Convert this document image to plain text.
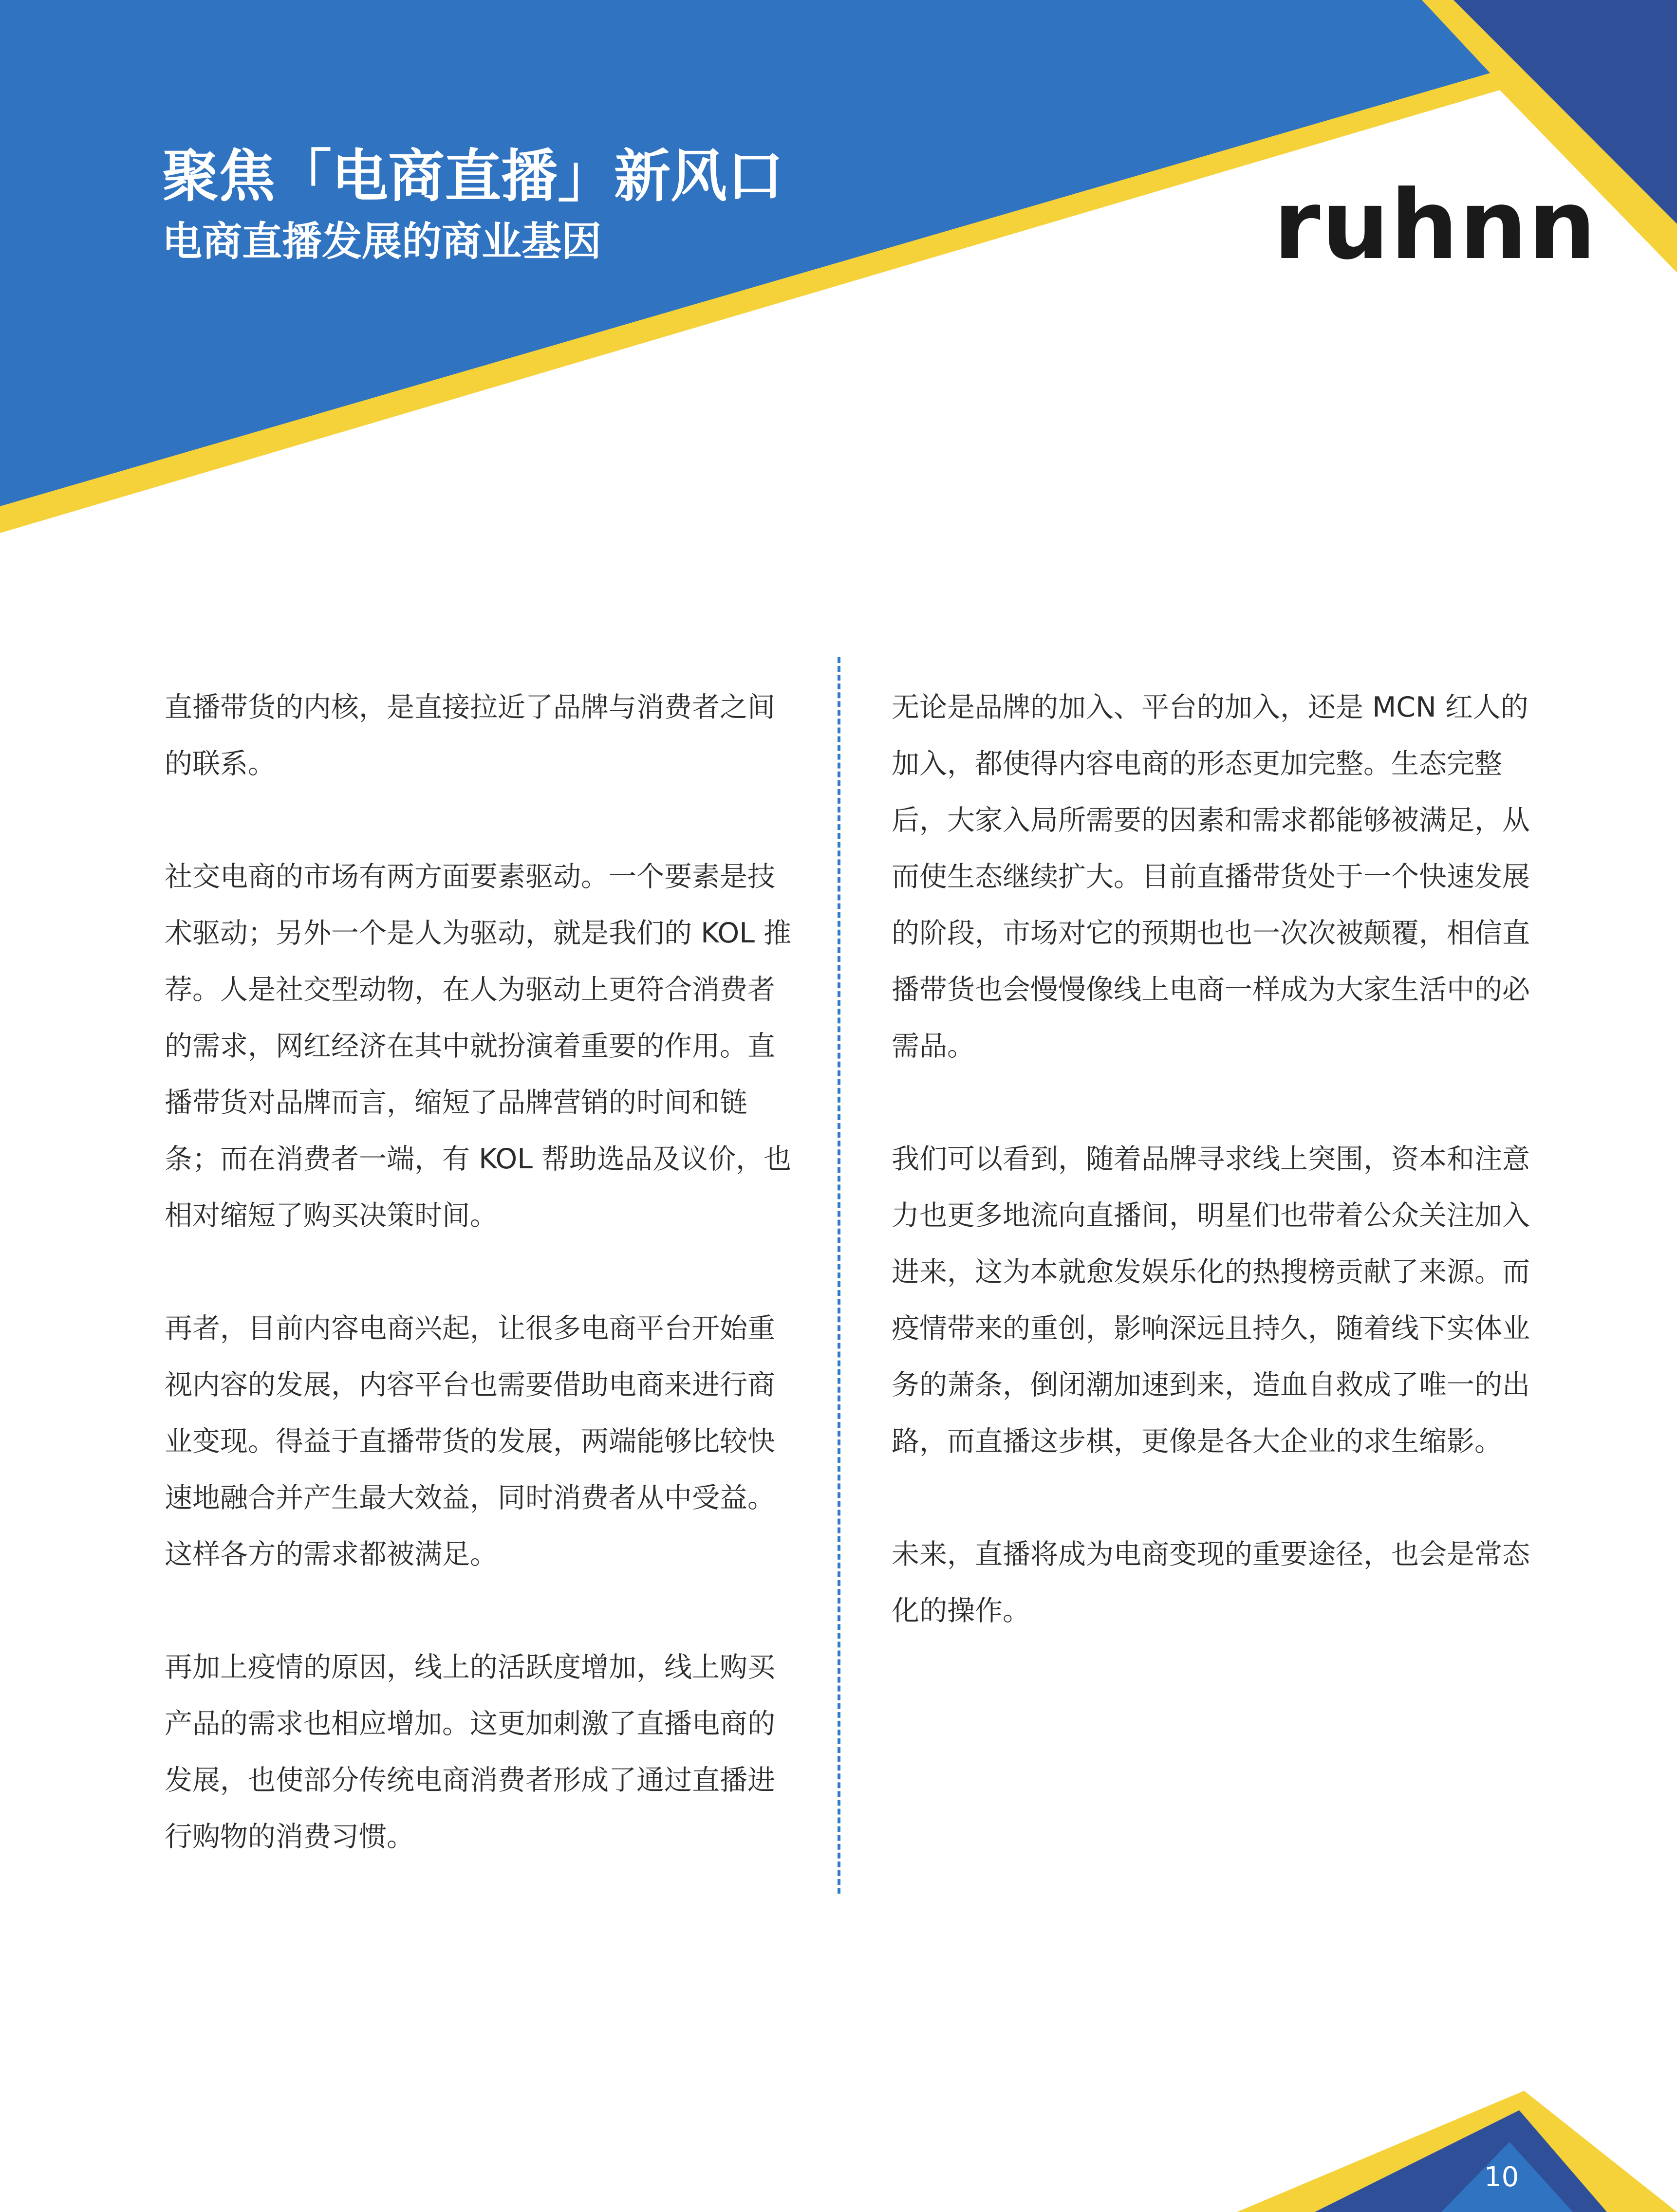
聚焦「电商直播」新风口
电商直播发展的商业基因	ruhnn

直播带货的内核，是直接拉近了品牌与消费者之间的联系。

社交电商的市场有两方面要素驱动。一个要素是技术驱动；另外一个是人为驱动，就是我们的 KOL 推荐。人是社交型动物，在人为驱动上更符合消费者的需求，网红经济在其中就扮演着重要的作用。直播带货对品牌而言，缩短了品牌营销的时间和链条；而在消费者一端，有 KOL 帮助选品及议价，也相对缩短了购买决策时间。

再者，目前内容电商兴起，让很多电商平台开始重视内容的发展，内容平台也需要借助电商来进行商业变现。得益于直播带货的发展，两端能够比较快速地融合并产生最大效益，同时消费者从中受益。这样各方的需求都被满足。

再加上疫情的原因，线上的活跃度增加，线上购买产品的需求也相应增加。这更加刺激了直播电商的发展，也使部分传统电商消费者形成了通过直播进行购物的消费习惯。

无论是品牌的加入、平台的加入，还是 MCN 红人的加入，都使得内容电商的形态更加完整。生态完整后，大家入局所需要的因素和需求都能够被满足，从而使生态继续扩大。目前直播带货处于一个快速发展的阶段，市场对它的预期也也一次次被颠覆，相信直播带货也会慢慢像线上电商一样成为大家生活中的必需品。

我们可以看到，随着品牌寻求线上突围，资本和注意力也更多地流向直播间，明星们也带着公众关注加入进来，这为本就愈发娱乐化的热搜榜贡献了来源。而疫情带来的重创，影响深远且持久，随着线下实体业务的萧条，倒闭潮加速到来，造血自救成了唯一的出路，而直播这步棋，更像是各大企业的求生缩影。

未来，直播将成为电商变现的重要途径，也会是常态化的操作。

10
